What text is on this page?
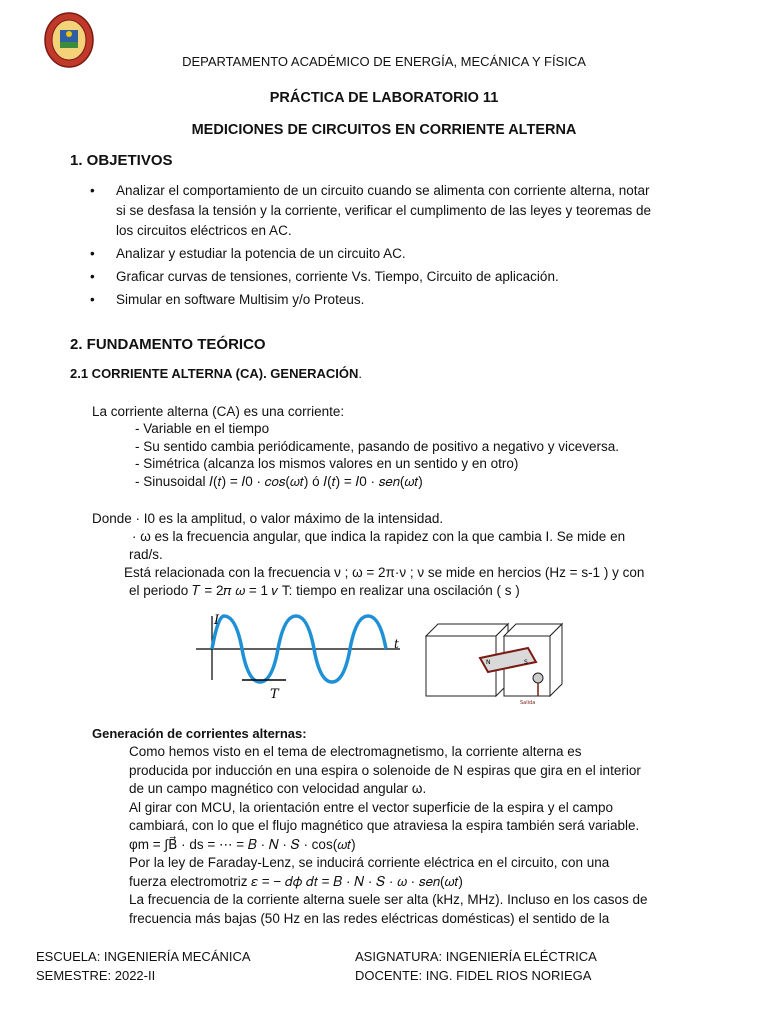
DEPARTAMENTO ACADÉMICO DE ENERGÍA, MECÁNICA Y FÍSICA
PRÁCTICA DE LABORATORIO 11
MEDICIONES DE CIRCUITOS EN CORRIENTE ALTERNA
1. OBJETIVOS
• Analizar el comportamiento de un circuito cuando se alimenta con corriente alterna, notar
si se desfasa la tensión y la corriente, verificar el cumplimento de las leyes y teoremas de
los circuitos eléctricos en AC.
• Analizar y estudiar la potencia de un circuito AC.
• Graficar curvas de tensiones, corriente Vs. Tiempo, Circuito de aplicación.
• Simular en software Multisim y/o Proteus.
2. FUNDAMENTO TEÓRICO
2.1 CORRIENTE ALTERNA (CA). GENERACIÓN.
La corriente alterna (CA) es una corriente:
- Variable en el tiempo
- Su sentido cambia periódicamente, pasando de positivo a negativo y viceversa.
- Simétrica (alcanza los mismos valores en un sentido y en otro)
- Sinusoidal 𝐼(𝑡) = 𝐼0 · 𝑐𝑜𝑠(𝜔𝑡) ó 𝐼(𝑡) = 𝐼0 · 𝑠𝑒𝑛(𝜔𝑡)
Donde · I0 es la amplitud, o valor máximo de la intensidad.
· ω es la frecuencia angular, que indica la rapidez con la que cambia I. Se mide en
rad/s.
Está relacionada con la frecuencia ν ; ω = 2π·ν ; ν se mide en hercios (Hz = s-1 ) y con
el periodo 𝑇 = 2𝜋 𝜔 = 1 𝜈 T: tiempo en realizar una oscilación ( s )
I
t
T
N	S
Salida
Generación de corrientes alternas:
Como hemos visto en el tema de electromagnetismo, la corriente alterna es
producida por inducción en una espira o solenoide de N espiras que gira en el interior
de un campo magnético con velocidad angular ω.
Al girar con MCU, la orientación entre el vector superficie de la espira y el campo
cambiará, con lo que el flujo magnético que atraviesa la espira también será variable.
φm = ∫B⃗ · ds = ⋯ = 𝐵 · 𝑁 · 𝑆 · cos(𝜔𝑡)
Por la ley de Faraday-Lenz, se inducirá corriente eléctrica en el circuito, con una
fuerza electromotriz 𝜀 = − 𝑑𝜙 𝑑𝑡 = 𝐵 · 𝑁 · 𝑆 · 𝜔 · 𝑠𝑒𝑛(𝜔𝑡)
La frecuencia de la corriente alterna suele ser alta (kHz, MHz). Incluso en los casos de
frecuencia más bajas (50 Hz en las redes eléctricas domésticas) el sentido de la
ESCUELA: INGENIERÍA MECÁNICA
SEMESTRE: 2022-II
ASIGNATURA: INGENIERÍA ELÉCTRICA
DOCENTE: ING. FIDEL RIOS NORIEGA
